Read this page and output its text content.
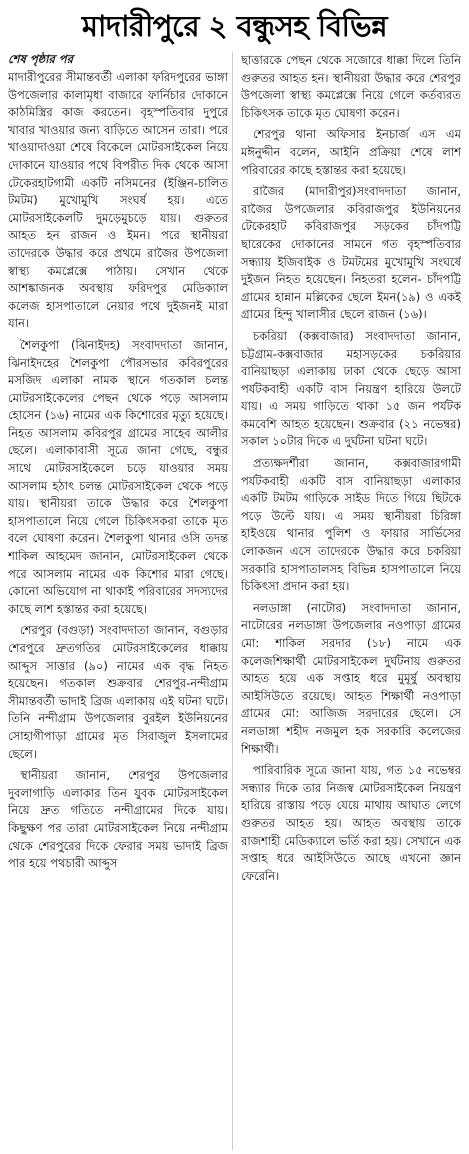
মাদারীপুরে ২ বন্ধুসহ বিভিন্ন
শেষ পৃষ্ঠার পর

মাদারীপুরের সীমান্তবর্তী এলাকা ফরিদপুরের ভাঙ্গা উপজেলার কালামৃধা বাজারে ফার্নিচার দোকানে কাঠমিস্ত্রির কাজ করতেন। বৃহস্পতিবার দুপুরে খাবার খাওয়ার জন্য বাড়িতে আসেন তারা। পরে খাওয়াদাওয়া শেষে বিকেলে মোটরসাইকেল নিয়ে দোকানে যাওয়ার পথে বিপরীত দিক থেকে আসা টেকেরহাটগামী একটি নসিমনের (ইঞ্জিন-চালিত টমটম) মুখোমুখি সংঘর্ষ হয়। এতে মোটরসাইকেলটি দুমড়েমুচড়ে যায়। গুরুতর আহত হন রাজন ও ইমন। পরে স্থানীয়রা তাদেরকে উদ্ধার করে প্রথমে রাজৈর উপজেলা স্বাস্থ্য কমপ্লেক্সে পাঠায়। সেখান থেকে আশঙ্কাজনক অবস্থায় ফরিদপুর মেডিক্যাল কলেজ হাসপাতালে নেয়ার পথে দুইজনই মারা যান।

শৈলকুপা (ঝিনাইদহ) সংবাদদাতা জানান, ঝিনাইদহের শৈলকুপা পৌরসভার কবিরপুরের মসজিদ এলাকা নামক স্থানে গতকাল চলন্ত মোটরসাইকেলের পেছন থেকে পড়ে আসলাম হোসেন (১৬) নামের এক কিশোরের মৃত্যু হয়েছে। নিহত আসলাম কবিরপুর গ্রামের সাহেব আলীর ছেলে। এলাকাবাসী সূত্রে জানা গেছে, বন্ধুর সাথে মোটরসাইকেলে চড়ে যাওয়ার সময় আসলাম হঠাৎ চলন্ত মোটরসাইকেল থেকে পড়ে যায়। স্থানীয়রা তাকে উদ্ধার করে শৈলকুপা হাসপাতালে নিয়ে গেলে চিকিৎসকরা তাকে মৃত বলে ঘোষণা করেন। শৈলকুপা থানার ওসি তদন্ত শাকিল আহমেদ জানান, মোটরসাইকেল থেকে পরে আসলাম নামের এক কিশোর মারা গেছে। কোনো অভিযোগ না থাকাই পরিবারের সদস্যদের কাছে লাশ হস্তান্তর করা হয়েছে।

শেরপুর (বগুড়া) সংবাদদাতা জানান, বগুড়ার শেরপুরে দ্রুতগতির মোটরসাইকেলের ধাক্কায় আব্দুস সাত্তার (৯০) নামের এক বৃদ্ধ নিহত হয়েছেন। গতকাল শুক্রবার শেরপুর-নন্দীগ্রাম সীমান্তবর্তী ভাদাই ব্রিজ এলাকায় এই ঘটনা ঘটে। তিনি নন্দীগ্রাম উপজেলার বুরইল ইউনিয়নের সোহাগীপাড়া গ্রামের মৃত সিরাজুল ইসলামের ছেলে।

স্থানীয়রা জানান, শেরপুর উপজেলার দুবলাগাড়ি এলাকার তিন যুবক মোটরসাইকেল নিয়ে দ্রুত গতিতে নন্দীগ্রামের দিকে যায়। কিছুক্ষণ পর তারা মোটরসাইকেল নিয়ে নন্দীগ্রাম থেকে শেরপুরের দিকে ফেরার সময় ভাদাই ব্রিজ পার হয়ে পথচারী আব্দুস

ছাত্তারকে পেছন থেকে সজোরে ধাক্কা দিলে তিনি গুরুতর আহত হন। স্থানীয়রা উদ্ধার করে শেরপুর উপজেলা স্বাস্থ্য কমপ্লেক্সে নিয়ে গেলে কর্তব্যরত চিকিৎসক তাকে মৃত ঘোষণা করেন।

শেরপুর থানা অফিসার ইনচার্জ এস এম মঈনুদ্দীন বলেন, আইনি প্রক্রিয়া শেষে লাশ পরিবারের কাছে হস্তান্তর করা হয়েছে।

রাজৈর (মাদারীপুর)সংবাদদাতা জানান, রাজৈর উপজেলার কবিরাজপুর ইউনিয়নের টেকেরহাট কবিরাজপুর সড়কের চাঁদপট্টি ছারেকের দোকানের সামনে গত বৃহস্পতিবার সন্ধ্যায় ইজিবাইক ও টমটমের মুখোমুখি সংঘর্ষে দুইজন নিহত হয়েছেন। নিহতরা হলেন- চাঁদপট্টি গ্রামের হান্নান মল্লিকের ছেলে ইমন(১৯) ও একই গ্রামের হিন্দু খালাসীর ছেলে রাজন (১৬)।

চকরিয়া (কক্সবাজার) সংবাদদাতা জানান, চট্টগ্রাম-কক্সবাজার মহাসড়কের চকরিয়ার বানিয়াছড়া এলাকায় ঢাকা থেকে ছেড়ে আসা পর্যটকবাহী একটি বাস নিয়ন্ত্রণ হারিয়ে উলটে যায়। এ সময় গাড়িতে থাকা ১৫ জন পর্যটক কমবেশি আহত হয়েছেন। শুক্রবার (২১ নভেম্বর) সকাল ১০টার দিকে এ দুর্ঘটনা ঘটনা ঘটে।

প্রত্যক্ষদর্শীরা জানান, কক্সবাজারগামী পর্যটকবাহী একটি বাস বানিয়াছড়া এলাকার একটি টমটম গাড়িকে সাইড দিতে গিয়ে ছিটকে পড়ে উল্টে যায়। এ সময় স্থানীয়রা চিরিঙ্গা হাইওয়ে থানার পুলিশ ও ফায়ার সার্ভিসের লোকজন এসে তাদেরকে উদ্ধার করে চকরিয়া সরকারি হাসপাতালসহ বিভিন্ন হাসপাতালে নিয়ে চিকিৎসা প্রদান করা হয়।

নলডাঙ্গা (নাটোর) সংবাদদাতা জানান, নাটোরের নলডাঙ্গা উপজেলার নওপাড়া গ্রামের মো: শাকিল সরদার (১৮) নামে এক কলেজশিক্ষার্থী মোটরসাইকেল দুর্ঘটনায় গুরুতর আহত হয়ে এক সপ্তাহ ধরে মুমূর্ষু অবস্থায় আইসিউতে রয়েছে। আহত শিক্ষার্থী নওপাড়া গ্রামের মো: আজিজ সরদারের ছেলে। সে নলডাঙ্গা শহীদ নজমুল হক সরকারি কলেজের শিক্ষার্থী।

পারিবারিক সূত্রে জানা যায়, গত ১৫ নভেম্বর সন্ধ্যার দিকে তার নিজস্ব মোটরসাইকেল নিয়ন্ত্রণ হারিয়ে রাস্তায় পড়ে যেয়ে মাথায় আঘাত লেগে গুরুতর আহত হয়। আহত অবস্থায় তাকে রাজশাহী মেডিক্যালে ভর্তি করা হয়। সেখানে এক সপ্তাহ ধরে আইসিউতে আছে এখনো জ্ঞান ফেরেনি।
